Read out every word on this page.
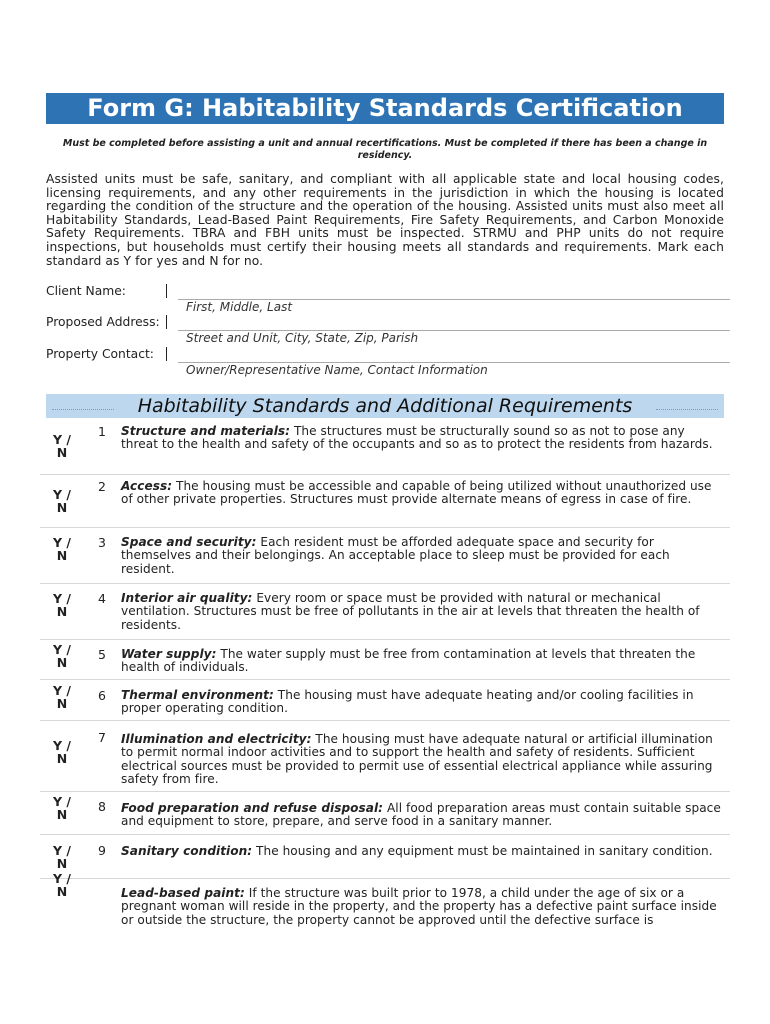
Form G: Habitability Standards Certification
Must be completed before assisting a unit and annual recertifications. Must be completed if there has been a change in residency.
Assisted units must be safe, sanitary, and compliant with all applicable state and local housing codes, licensing requirements, and any other requirements in the jurisdiction in which the housing is located regarding the condition of the structure and the operation of the housing. Assisted units must also meet all Habitability Standards, Lead-Based Paint Requirements, Fire Safety Requirements, and Carbon Monoxide Safety Requirements. TBRA and FBH units must be inspected. STRMU and PHP units do not require inspections, but households must certify their housing meets all standards and requirements. Mark each standard as Y for yes and N for no.
Client Name:
First, Middle, Last
Proposed Address:
Street and Unit, City, State, Zip, Parish
Property Contact:
Owner/Representative Name, Contact Information
Habitability Standards and Additional Requirements
Y /
N
1 Structure and materials: The structures must be structurally sound so as not to pose any threat to the health and safety of the occupants and so as to protect the residents from hazards.
Y /
N
2 Access: The housing must be accessible and capable of being utilized without unauthorized use of other private properties. Structures must provide alternate means of egress in case of fire.
Y /
N
3 Space and security: Each resident must be afforded adequate space and security for themselves and their belongings. An acceptable place to sleep must be provided for each resident.
Y /
N
4 Interior air quality: Every room or space must be provided with natural or mechanical ventilation. Structures must be free of pollutants in the air at levels that threaten the health of residents.
Y /
N
5 Water supply: The water supply must be free from contamination at levels that threaten the health of individuals.
Y /
N
6 Thermal environment: The housing must have adequate heating and/or cooling facilities in proper operating condition.
Y /
N
7 Illumination and electricity: The housing must have adequate natural or artificial illumination to permit normal indoor activities and to support the health and safety of residents. Sufficient electrical sources must be provided to permit use of essential electrical appliance while assuring safety from fire.
Y /
N
8 Food preparation and refuse disposal: All food preparation areas must contain suitable space and equipment to store, prepare, and serve food in a sanitary manner.
Y /
N
9 Sanitary condition: The housing and any equipment must be maintained in sanitary condition.
Y /
N	Lead-based paint: If the structure was built prior to 1978, a child under the age of six or a pregnant woman will reside in the property, and the property has a defective paint surface inside or outside the structure, the property cannot be approved until the defective surface is
